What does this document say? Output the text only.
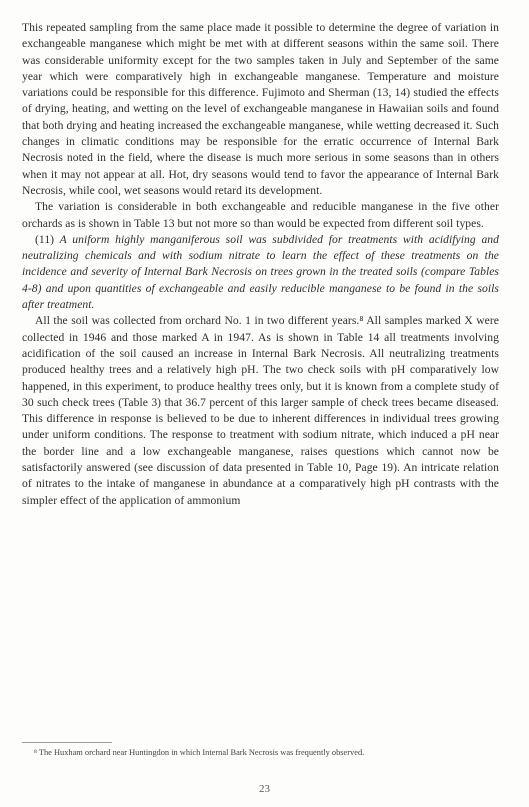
This repeated sampling from the same place made it possible to determine the degree of variation in exchangeable manganese which might be met with at different seasons within the same soil. There was considerable uniformity except for the two samples taken in July and September of the same year which were comparatively high in exchangeable manganese. Temperature and moisture variations could be responsible for this difference. Fujimoto and Sherman (13, 14) studied the effects of drying, heating, and wetting on the level of exchangeable manganese in Hawaiian soils and found that both drying and heating increased the exchangeable manganese, while wetting decreased it. Such changes in climatic conditions may be responsible for the erratic occurrence of Internal Bark Necrosis noted in the field, where the disease is much more serious in some seasons than in others when it may not appear at all. Hot, dry seasons would tend to favor the appearance of Internal Bark Necrosis, while cool, wet seasons would retard its development.

The variation is considerable in both exchangeable and reducible manganese in the five other orchards as is shown in Table 13 but not more so than would be expected from different soil types.

(11) A uniform highly manganiferous soil was subdivided for treatments with acidifying and neutralizing chemicals and with sodium nitrate to learn the effect of these treatments on the incidence and severity of Internal Bark Necrosis on trees grown in the treated soils (compare Tables 4-8) and upon quantities of exchangeable and easily reducible manganese to be found in the soils after treatment.

All the soil was collected from orchard No. 1 in two different years.⁸ All samples marked X were collected in 1946 and those marked A in 1947. As is shown in Table 14 all treatments involving acidification of the soil caused an increase in Internal Bark Necrosis. All neutralizing treatments produced healthy trees and a relatively high pH. The two check soils with pH comparatively low happened, in this experiment, to produce healthy trees only, but it is known from a complete study of 30 such check trees (Table 3) that 36.7 percent of this larger sample of check trees became diseased. This difference in response is believed to be due to inherent differences in individual trees growing under uniform conditions. The response to treatment with sodium nitrate, which induced a pH near the border line and a low exchangeable manganese, raises questions which cannot now be satisfactorily answered (see discussion of data presented in Table 10, Page 19). An intricate relation of nitrates to the intake of manganese in abundance at a comparatively high pH contrasts with the simpler effect of the application of ammonium

⁸ The Huxham orchard near Huntingdon in which Internal Bark Necrosis was frequently observed.
23
